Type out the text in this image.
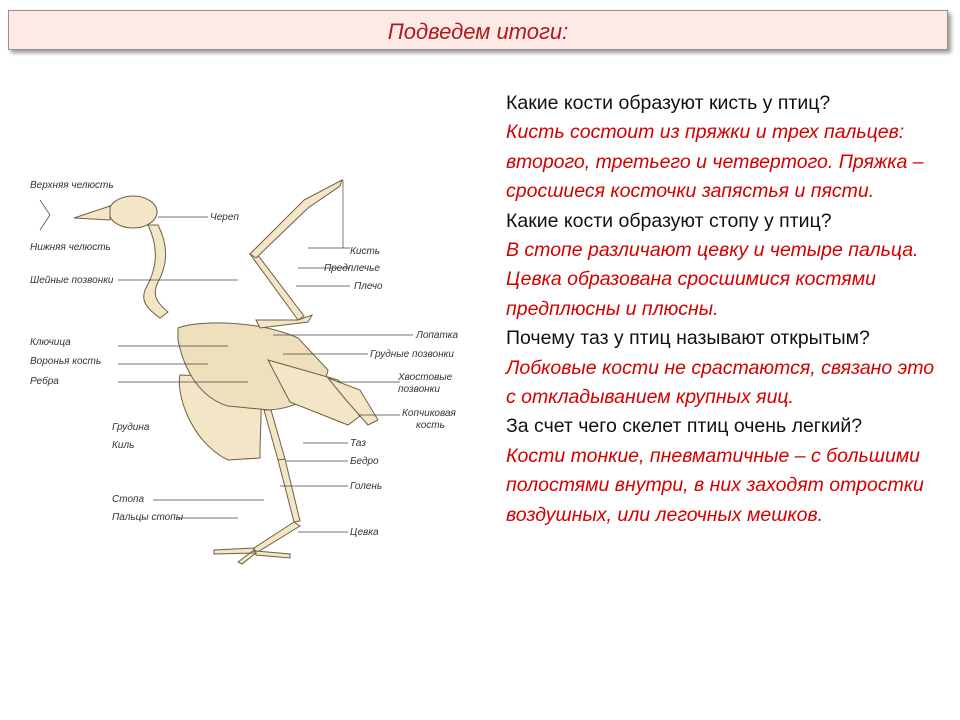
Подведем итоги:
Верхняя челюсть
Нижняя челюсть
Шейные позвонки
Ключица
Воронья кость
Ребра
Грудина
Киль
Стопа
Пальцы стопы
Череп
Кисть
Предплечье
Плечо
Лопатка
Грудные позвонки
Хвостовые
позвонки
Копчиковая
кость
Таз
Бедро
Голень
Цевка

Какие кости образуют кисть у птиц?

Кисть состоит из пряжки и трех пальцев: второго, третьего и четвертого. Пряжка – сросшиеся косточки запястья и пясти.

Какие кости образуют стопу у птиц?

В стопе различают цевку и четыре пальца. Цевка образована сросшимися костями предплюсны и плюсны.

Почему таз у птиц называют открытым?

Лобковые кости не срастаются, связано это с откладыванием крупных яиц.

За счет чего скелет птиц очень легкий?

Кости тонкие, пневматичные – с большими полостями внутри, в них заходят отростки воздушных, или легочных мешков.
